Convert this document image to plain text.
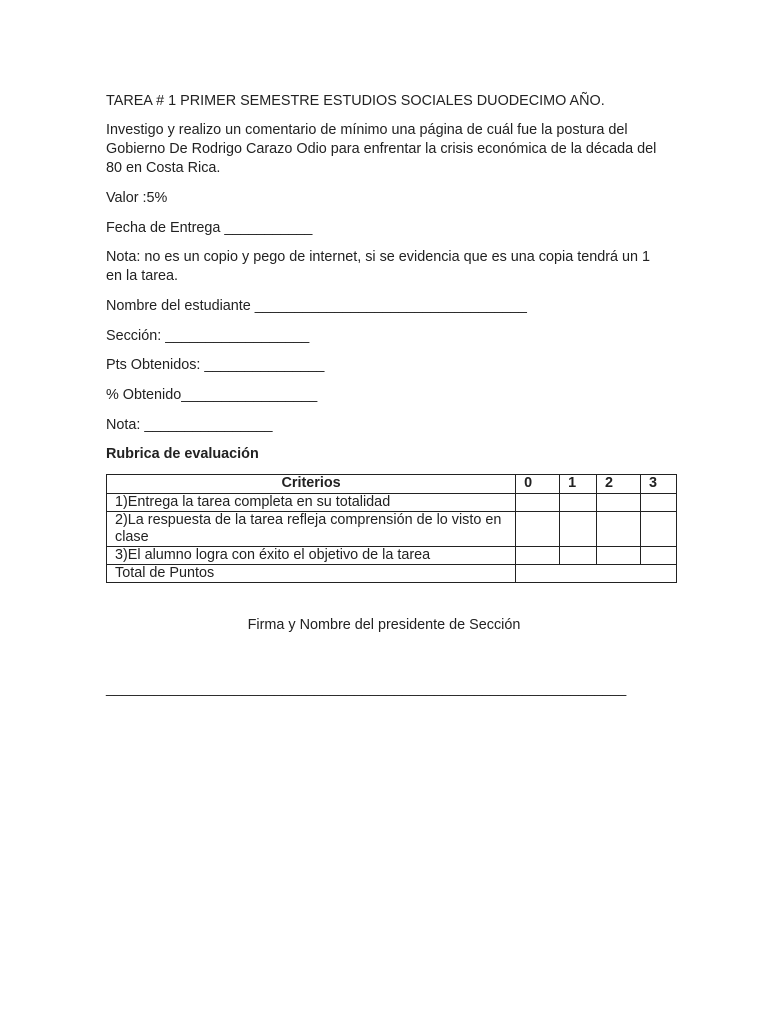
TAREA # 1 PRIMER SEMESTRE ESTUDIOS SOCIALES DUODECIMO AÑO.
Investigo y realizo un comentario de mínimo una página de cuál fue la postura del Gobierno De Rodrigo Carazo Odio para enfrentar la crisis económica de la década del 80 en Costa Rica.
Valor :5%
Fecha de Entrega ___________
Nota: no es un copio y pego de internet, si se evidencia que es una copia tendrá un 1 en la tarea.
Nombre del estudiante __________________________________
Sección: __________________
Pts Obtenidos: _______________
% Obtenido_________________
Nota: ________________
Rubrica de evaluación
Criterios	0	1	2	3
1)Entrega la tarea completa en su totalidad				
2)La respuesta de la tarea refleja comprensión de lo visto en clase				
3)El alumno logra con éxito el objetivo de la tarea				
Total de Puntos				
Firma y Nombre del presidente de Sección
_________________________________________________________________
